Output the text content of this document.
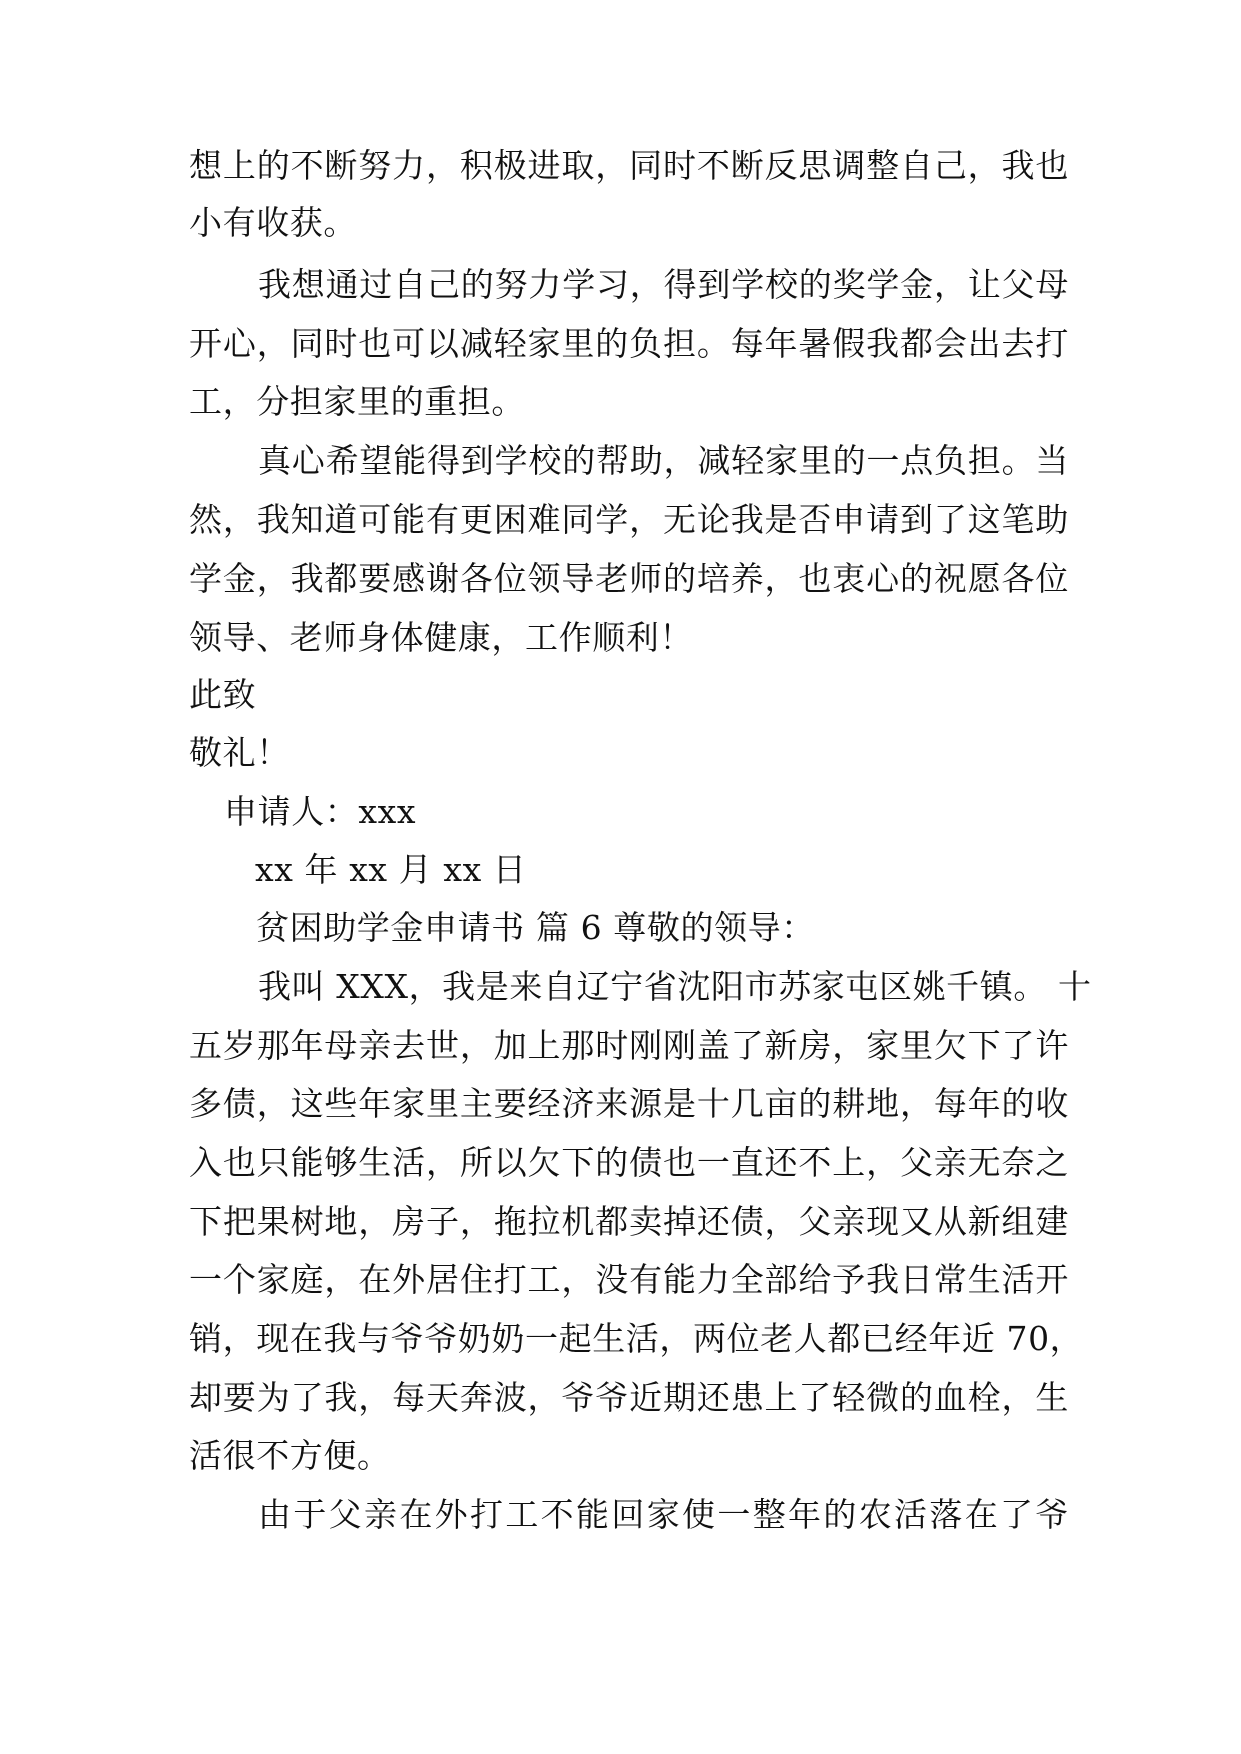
想上的不断努力，积极进取，同时不断反思调整自己，我也
小有收获。
我想通过自己的努力学习，得到学校的奖学金，让父母
开心，同时也可以减轻家里的负担。每年暑假我都会出去打
工，分担家里的重担。
真心希望能得到学校的帮助，减轻家里的一点负担。当
然，我知道可能有更困难同学，无论我是否申请到了这笔助
学金，我都要感谢各位领导老师的培养，也衷心的祝愿各位
领导、老师身体健康，工作顺利！
此致
敬礼！
申请人：xxx
xx 年 xx 月 xx 日
贫困助学金申请书 篇 6 尊敬的领导：
我叫 XXX，我是来自辽宁省沈阳市苏家屯区姚千镇。 十
五岁那年母亲去世，加上那时刚刚盖了新房，家里欠下了许
多债，这些年家里主要经济来源是十几亩的耕地，每年的收
入也只能够生活，所以欠下的债也一直还不上，父亲无奈之
下把果树地，房子，拖拉机都卖掉还债，父亲现又从新组建
一个家庭，在外居住打工，没有能力全部给予我日常生活开
销，现在我与爷爷奶奶一起生活，两位老人都已经年近 70，
却要为了我，每天奔波，爷爷近期还患上了轻微的血栓，生
活很不方便。
由于父亲在外打工不能回家使一整年的农活落在了爷
